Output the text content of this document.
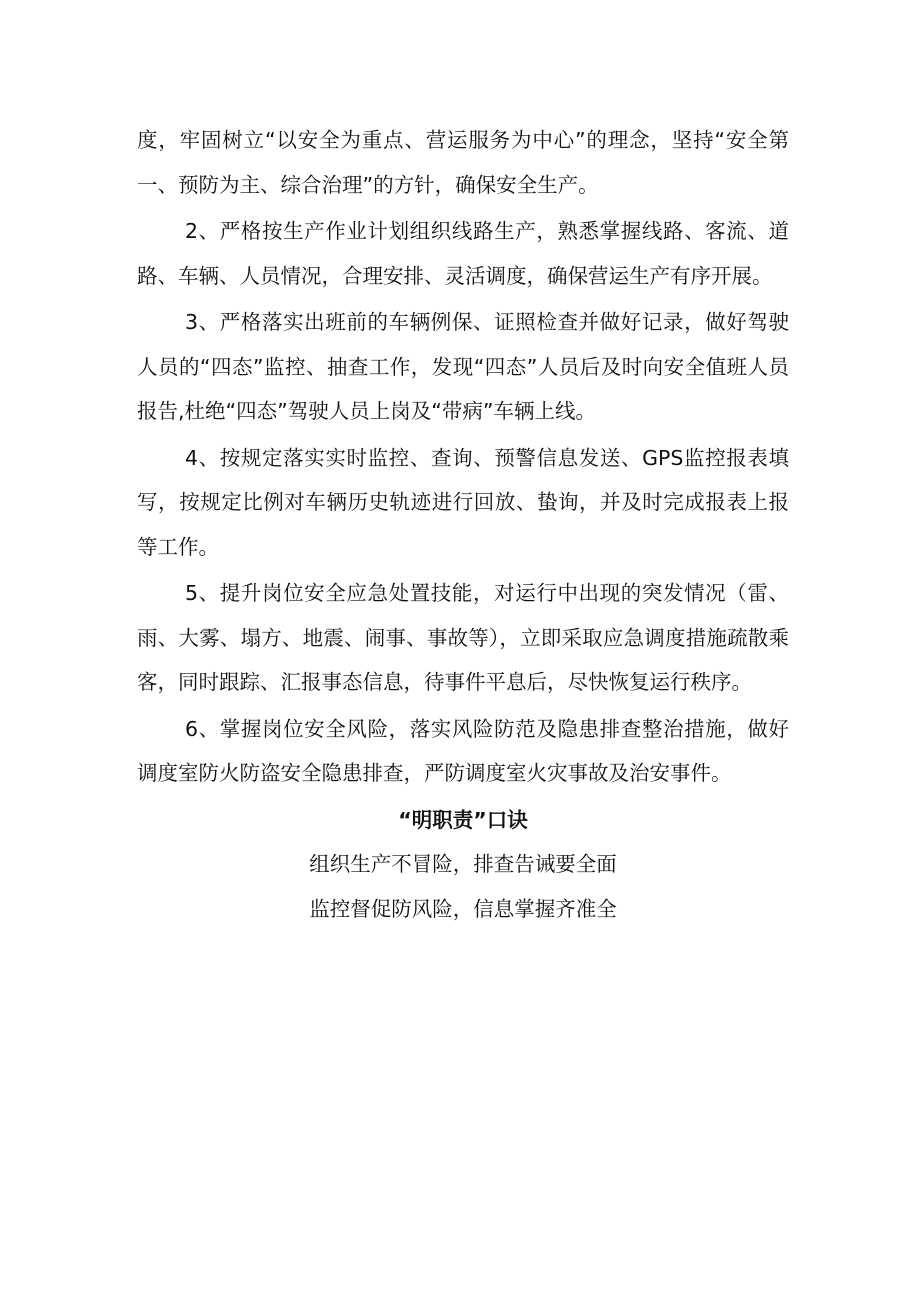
度，牢固树立“以安全为重点、营运服务为中心”的理念，坚持“安全第一、预防为主、综合治理”的方针，确保安全生产。

2、严格按生产作业计划组织线路生产，熟悉掌握线路、客流、道路、车辆、人员情况，合理安排、灵活调度，确保营运生产有序开展。

3、严格落实出班前的车辆例保、证照检查并做好记录，做好驾驶人员的“四态”监控、抽查工作，发现“四态”人员后及时向安全值班人员报告,杜绝“四态”驾驶人员上岗及“带病”车辆上线。

4、按规定落实实时监控、查询、预警信息发送、GPS监控报表填写，按规定比例对车辆历史轨迹进行回放、蛰询，并及时完成报表上报等工作。

5、提升岗位安全应急处置技能，对运行中出现的突发情况（雷、雨、大雾、塌方、地震、闹事、事故等），立即采取应急调度措施疏散乘客，同时跟踪、汇报事态信息，待事件平息后，尽快恢复运行秩序。

6、掌握岗位安全风险，落实风险防范及隐患排查整治措施，做好调度室防火防盗安全隐患排查，严防调度室火灾事故及治安事件。

“明职责”口诀

组织生产不冒险，排查告诫要全面

监控督促防风险，信息掌握齐准全
